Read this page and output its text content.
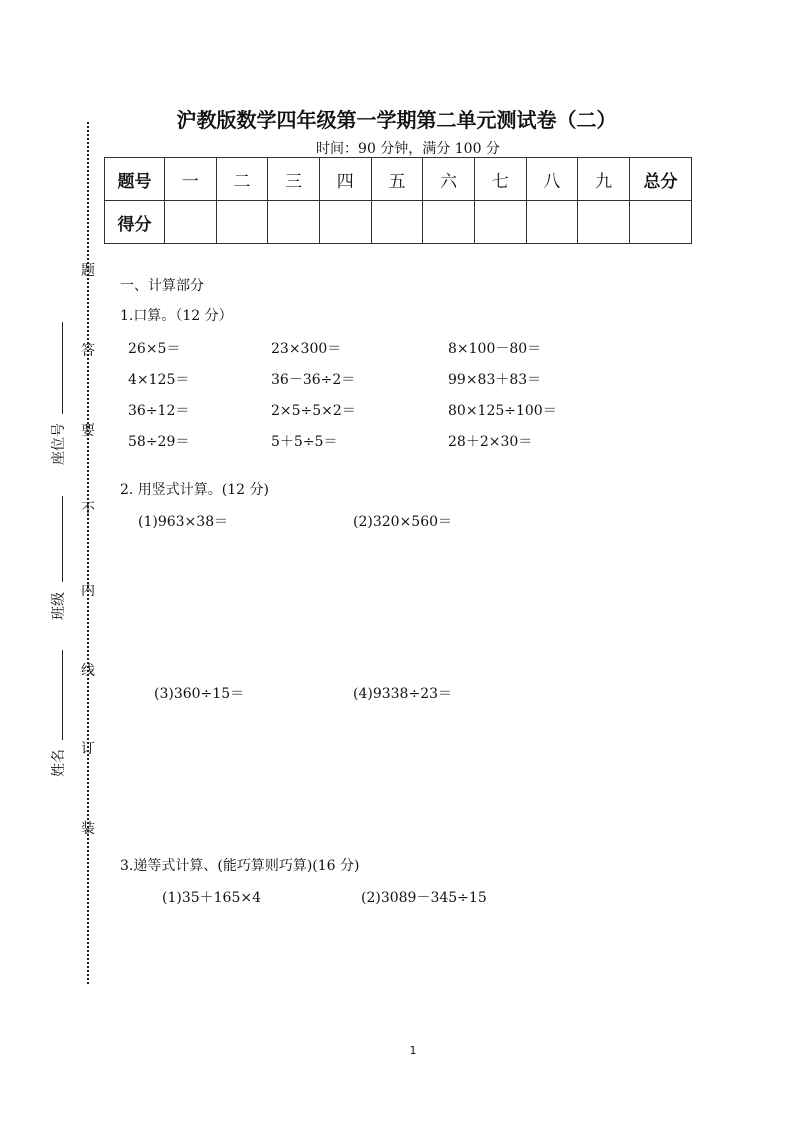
题
答
要
不
内
线
订
装
座位号
班级
姓名
沪教版数学四年级第一学期第二单元测试卷（二）
时间：90 分钟，满分 100 分
题号	一	二	三	四	五	六	七	八	九	总分
得分										
一、计算部分
1.口算。（12 分）
26×5＝	23×300＝	8×100－80＝
4×125＝	36－36÷2＝	99×83＋83＝
36÷12＝	2×5÷5×2＝	80×125÷100＝
58÷29＝	5＋5÷5＝	28＋2×30＝
2. 用竖式计算。(12 分)
(1)963×38＝	(2)320×560＝
(3)360÷15＝	(4)9338÷23＝
3.递等式计算、(能巧算则巧算)(16 分)
(1)35＋165×4	(2)3089－345÷15
1
